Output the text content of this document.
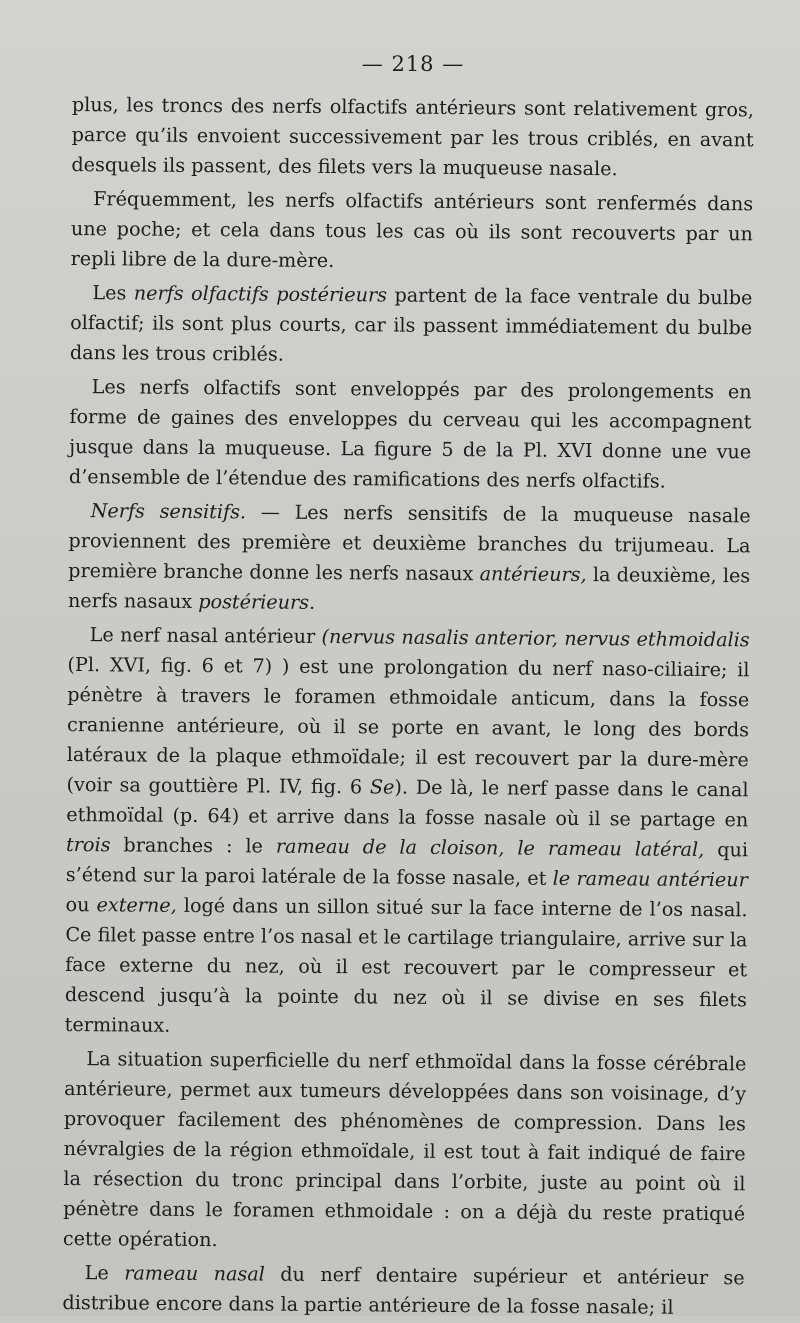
— 218 —

plus, les troncs des nerfs olfactifs antérieurs sont relativement gros, parce qu’ils envoient successivement par les trous criblés, en avant desquels ils passent, des filets vers la muqueuse nasale.

Fréquemment, les nerfs olfactifs antérieurs sont renfermés dans une poche; et cela dans tous les cas où ils sont recouverts par un repli libre de la dure-mère.

Les nerfs olfactifs postérieurs partent de la face ventrale du bulbe olfactif; ils sont plus courts, car ils passent immédiatement du bulbe dans les trous criblés.

Les nerfs olfactifs sont enveloppés par des prolongements en forme de gaines des enveloppes du cerveau qui les accompagnent jusque dans la muqueuse. La figure 5 de la Pl. XVI donne une vue d’ensemble de l’étendue des ramifications des nerfs olfactifs.

Nerfs sensitifs. — Les nerfs sensitifs de la muqueuse nasale proviennent des première et deuxième branches du trijumeau. La première branche donne les nerfs nasaux antérieurs, la deuxième, les nerfs nasaux postérieurs.

Le nerf nasal antérieur (nervus nasalis anterior, nervus ethmoidalis (Pl. XVI, fig. 6 et 7) ) est une prolongation du nerf naso-ciliaire; il pénètre à travers le foramen ethmoidale anticum, dans la fosse cranienne antérieure, où il se porte en avant, le long des bords latéraux de la plaque ethmoïdale; il est recouvert par la dure-mère (voir sa gouttière Pl. IV, fig. 6 Se). De là, le nerf passe dans le canal ethmoïdal (p. 64) et arrive dans la fosse nasale où il se partage en trois branches : le rameau de la cloison, le rameau latéral, qui s’étend sur la paroi latérale de la fosse nasale, et le rameau antérieur ou externe, logé dans un sillon situé sur la face interne de l’os nasal. Ce filet passe entre l’os nasal et le cartilage triangulaire, arrive sur la face externe du nez, où il est recouvert par le compresseur et descend jusqu’à la pointe du nez où il se divise en ses filets terminaux.

La situation superficielle du nerf ethmoïdal dans la fosse cérébrale antérieure, permet aux tumeurs développées dans son voisinage, d’y provoquer facilement des phénomènes de compression. Dans les névralgies de la région ethmoïdale, il est tout à fait indiqué de faire la résection du tronc principal dans l’orbite, juste au point où il pénètre dans le foramen ethmoidale : on a déjà du reste pratiqué cette opération.

Le rameau nasal du nerf dentaire supérieur et antérieur se distribue encore dans la partie antérieure de la fosse nasale; il
